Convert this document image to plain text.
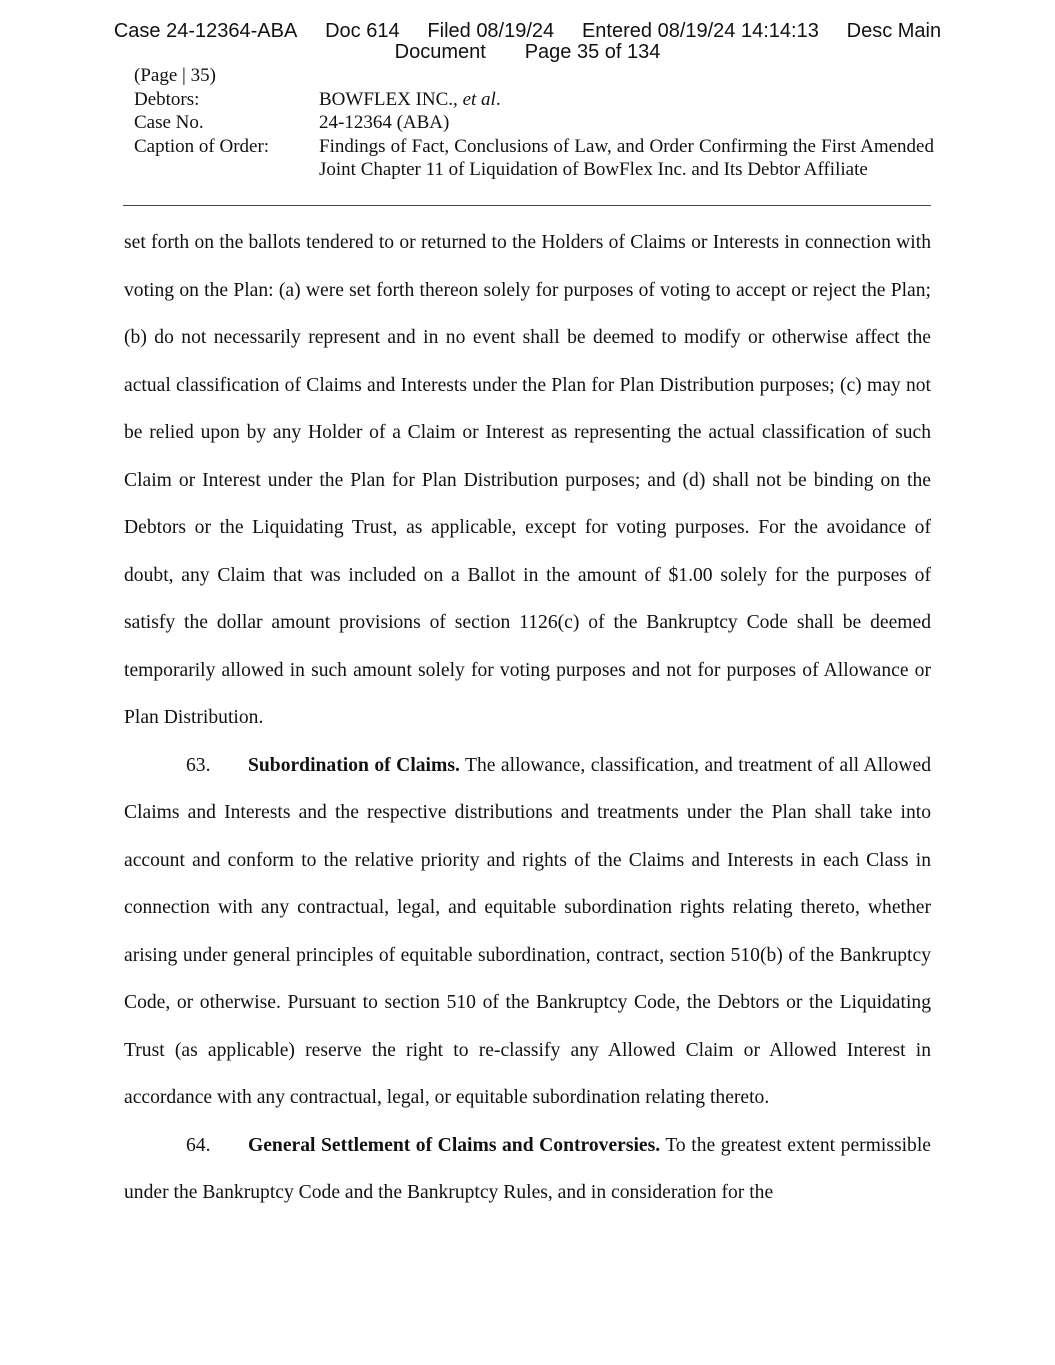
Case 24-12364-ABA Doc 614 Filed 08/19/24 Entered 08/19/24 14:14:13 Desc Main
Document Page 35 of 134
(Page | 35)
Debtors:	BOWFLEX INC., et al.
Case No.	24-12364 (ABA)
Caption of Order:	Findings of Fact, Conclusions of Law, and Order Confirming the First Amended Joint Chapter 11 of Liquidation of BowFlex Inc. and Its Debtor Affiliate

set forth on the ballots tendered to or returned to the Holders of Claims or Interests in connection with voting on the Plan: (a) were set forth thereon solely for purposes of voting to accept or reject the Plan; (b) do not necessarily represent and in no event shall be deemed to modify or otherwise affect the actual classification of Claims and Interests under the Plan for Plan Distribution purposes; (c) may not be relied upon by any Holder of a Claim or Interest as representing the actual classification of such Claim or Interest under the Plan for Plan Distribution purposes; and (d) shall not be binding on the Debtors or the Liquidating Trust, as applicable, except for voting purposes. For the avoidance of doubt, any Claim that was included on a Ballot in the amount of $1.00 solely for the purposes of satisfy the dollar amount provisions of section 1126(c) of the Bankruptcy Code shall be deemed temporarily allowed in such amount solely for voting purposes and not for purposes of Allowance or Plan Distribution.

63. Subordination of Claims. The allowance, classification, and treatment of all Allowed Claims and Interests and the respective distributions and treatments under the Plan shall take into account and conform to the relative priority and rights of the Claims and Interests in each Class in connection with any contractual, legal, and equitable subordination rights relating thereto, whether arising under general principles of equitable subordination, contract, section 510(b) of the Bankruptcy Code, or otherwise. Pursuant to section 510 of the Bankruptcy Code, the Debtors or the Liquidating Trust (as applicable) reserve the right to re-classify any Allowed Claim or Allowed Interest in accordance with any contractual, legal, or equitable subordination relating thereto.

64. General Settlement of Claims and Controversies. To the greatest extent permissible under the Bankruptcy Code and the Bankruptcy Rules, and in consideration for the
